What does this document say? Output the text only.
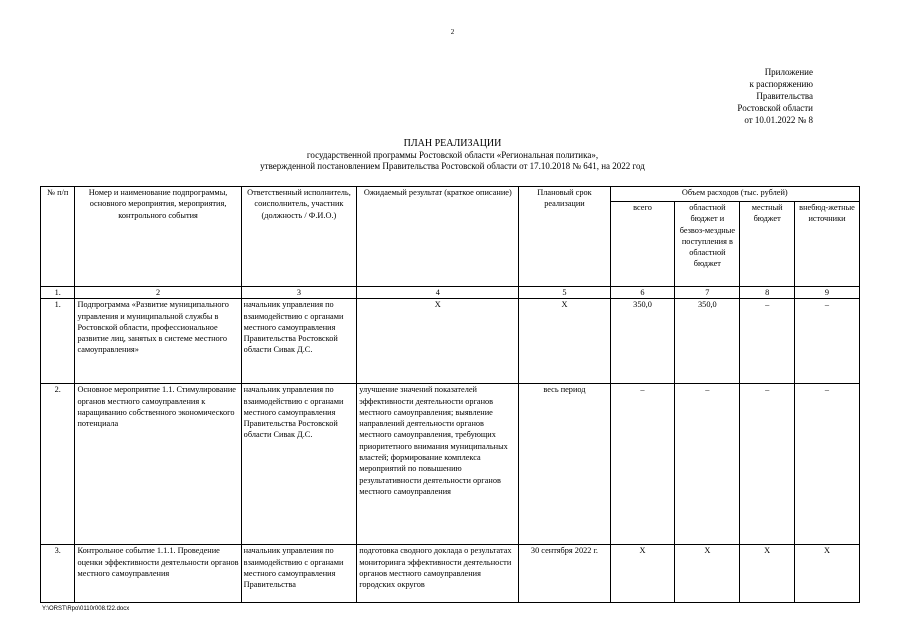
2
Приложение
к распоряжению
Правительства
Ростовской области
от 10.01.2022 № 8
ПЛАН РЕАЛИЗАЦИИ
государственной программы Ростовской области «Региональная политика»,
утвержденной постановлением Правительства Ростовской области от 17.10.2018 № 641, на 2022 год
№ п/п	Номер и наименование подпрограммы, основного мероприятия, мероприятия, контрольного события	Ответственный исполнитель, соисполнитель, участник (должность / Ф.И.О.)	Ожидаемый результат (краткое описание)	Плановый срок реализации	Объем расходов (тыс. рублей)			
					всего	областной бюджет и безвоз-мездные поступления в областной бюджет	местный бюджет	внебюд-жетные источники
1.	2	3	4	5	6	7	8	9
1.	Подпрограмма «Развитие муниципального управления и муниципальной службы в Ростовской области, профессиональное развитие лиц, занятых в системе местного самоуправления»	начальник управления по взаимодействию с органами местного самоуправления Правительства Ростовской области Сивак Д.С.	Х	Х	350,0	350,0	–	–
2.	Основное мероприятие 1.1. Стимулирование органов местного самоуправления к наращиванию собственного экономического потенциала	начальник управления по взаимодействию с органами местного самоуправления Правительства Ростовской области Сивак Д.С.	улучшение значений показателей эффективности деятельности органов местного самоуправления; выявление направлений деятельности органов местного самоуправления, требующих приоритетного внимания муниципальных властей; формирование комплекса мероприятий по повышению результативности деятельности органов местного самоуправления	весь период	–	–	–	–
3.	Контрольное событие 1.1.1. Проведение оценки эффективности деятельности органов местного самоуправления	начальник управления по взаимодействию с органами местного самоуправления Правительства	подготовка сводного доклада о результатах мониторинга эффективности деятельности органов местного самоуправления городских округов	30 сентября 2022 г.	Х	Х	Х	Х
Y:\ORST\Rpo\0110r008.f22.docx
